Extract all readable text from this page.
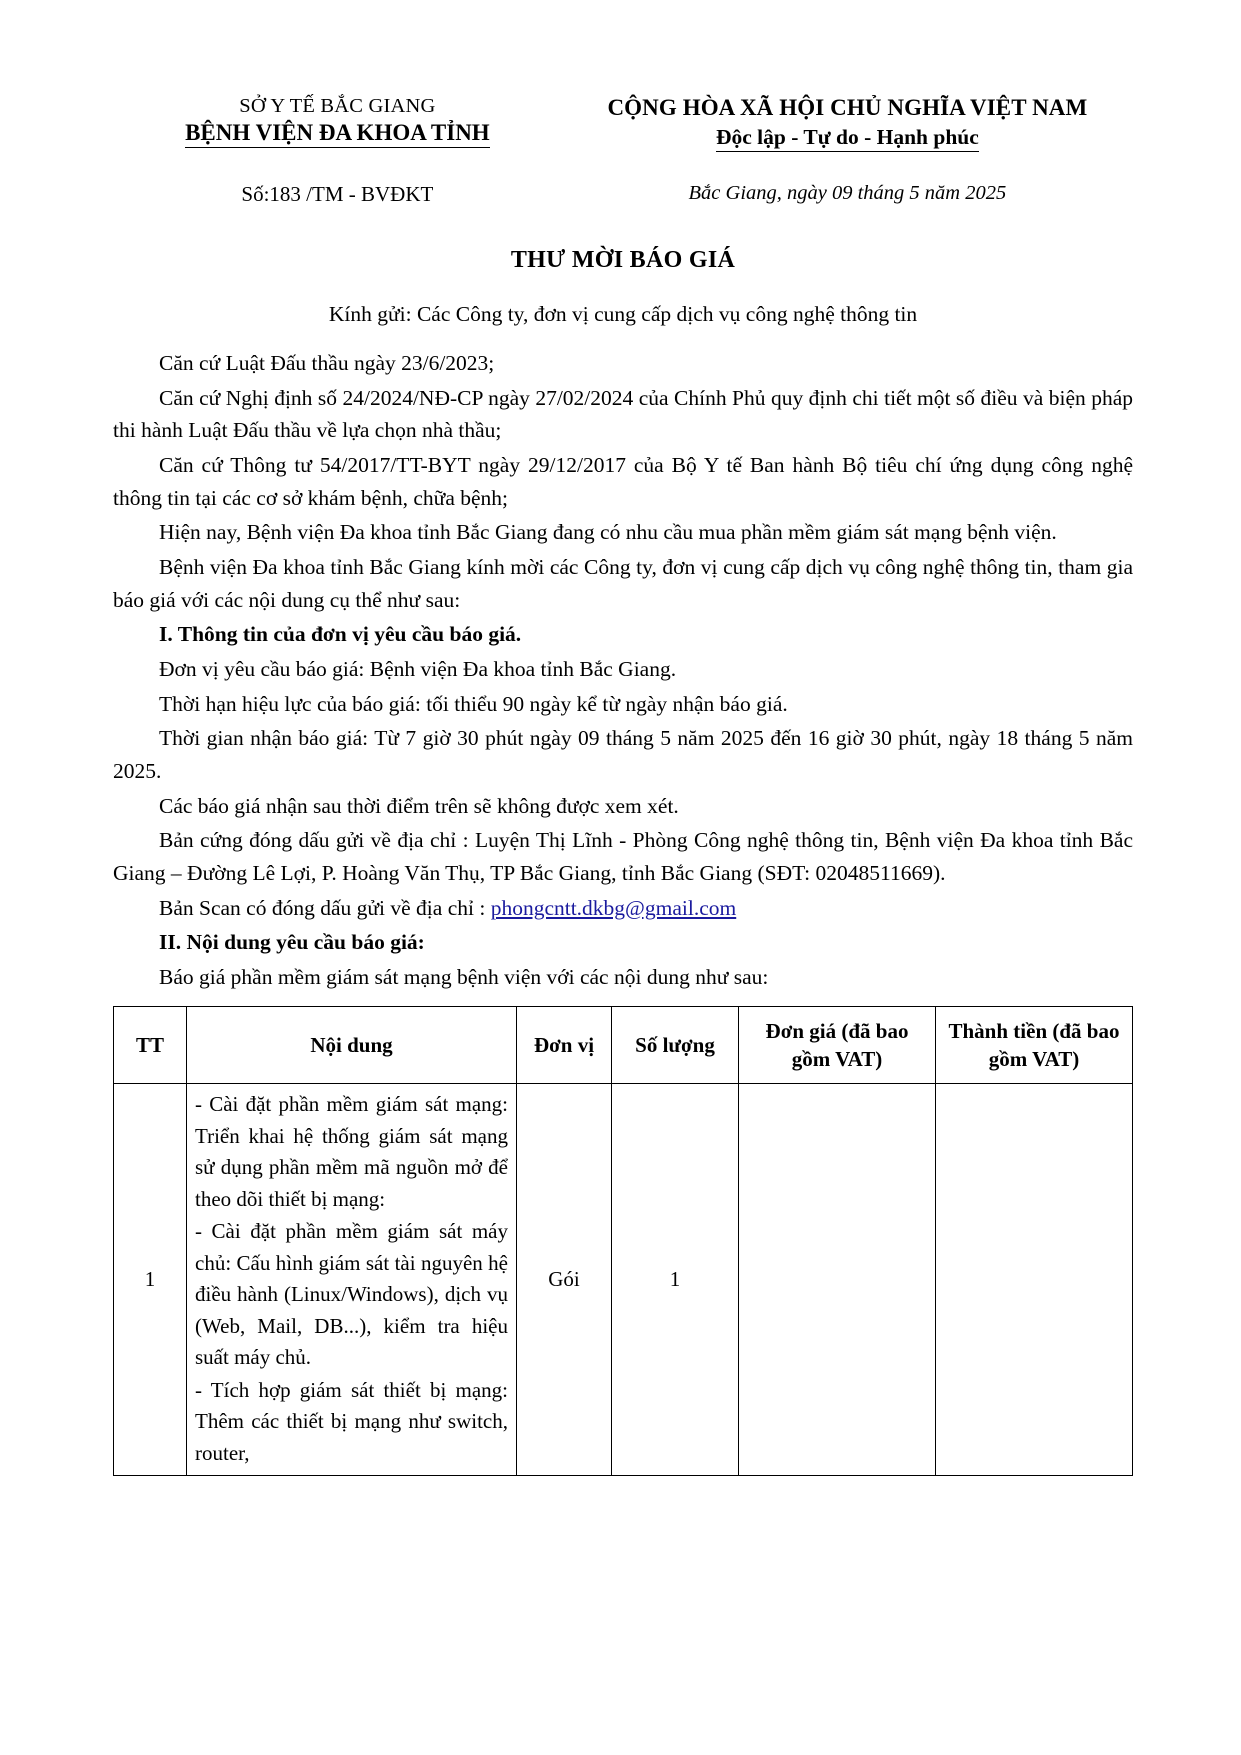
SỞ Y TẾ BẮC GIANG
BỆNH VIỆN ĐA KHOA TỈNH
CỘNG HÒA XÃ HỘI CHỦ NGHĨA VIỆT NAM
Độc lập - Tự do - Hạnh phúc
Số:183 /TM - BVĐKT	Bắc Giang, ngày 09 tháng 5 năm 2025
THƯ MỜI BÁO GIÁ
Kính gửi: Các Công ty, đơn vị cung cấp dịch vụ công nghệ thông tin

Căn cứ Luật Đấu thầu ngày 23/6/2023;

Căn cứ Nghị định số 24/2024/NĐ-CP ngày 27/02/2024 của Chính Phủ quy định chi tiết một số điều và biện pháp thi hành Luật Đấu thầu về lựa chọn nhà thầu;

Căn cứ Thông tư 54/2017/TT-BYT ngày 29/12/2017 của Bộ Y tế Ban hành Bộ tiêu chí ứng dụng công nghệ thông tin tại các cơ sở khám bệnh, chữa bệnh;

Hiện nay, Bệnh viện Đa khoa tỉnh Bắc Giang đang có nhu cầu mua phần mềm giám sát mạng bệnh viện.

Bệnh viện Đa khoa tỉnh Bắc Giang kính mời các Công ty, đơn vị cung cấp dịch vụ công nghệ thông tin, tham gia báo giá với các nội dung cụ thể như sau:

I. Thông tin của đơn vị yêu cầu báo giá.

Đơn vị yêu cầu báo giá: Bệnh viện Đa khoa tỉnh Bắc Giang.

Thời hạn hiệu lực của báo giá: tối thiểu 90 ngày kể từ ngày nhận báo giá.

Thời gian nhận báo giá: Từ 7 giờ 30 phút ngày 09 tháng 5 năm 2025 đến 16 giờ 30 phút, ngày 18 tháng 5 năm 2025.

Các báo giá nhận sau thời điểm trên sẽ không được xem xét.

Bản cứng đóng dấu gửi về địa chỉ : Luyện Thị Lĩnh - Phòng Công nghệ thông tin, Bệnh viện Đa khoa tỉnh Bắc Giang – Đường Lê Lợi, P. Hoàng Văn Thụ, TP Bắc Giang, tỉnh Bắc Giang (SĐT: 02048511669).

Bản Scan có đóng dấu gửi về địa chỉ : phongcntt.dkbg@gmail.com

II. Nội dung yêu cầu báo giá:

Báo giá phần mềm giám sát mạng bệnh viện với các nội dung như sau:

TT	Nội dung	Đơn vị	Số lượng	Đơn giá (đã bao gồm VAT)	Thành tiền (đã bao gồm VAT)
1	- Cài đặt phần mềm giám sát mạng: Triển khai hệ thống giám sát mạng sử dụng phần mềm mã nguồn mở để theo dõi thiết bị mạng:

- Cài đặt phần mềm giám sát máy chủ: Cấu hình giám sát tài nguyên hệ điều hành (Linux/Windows), dịch vụ (Web, Mail, DB...), kiểm tra hiệu suất máy chủ.

- Tích hợp giám sát thiết bị mạng: Thêm các thiết bị mạng như switch, router,	Gói	1		
